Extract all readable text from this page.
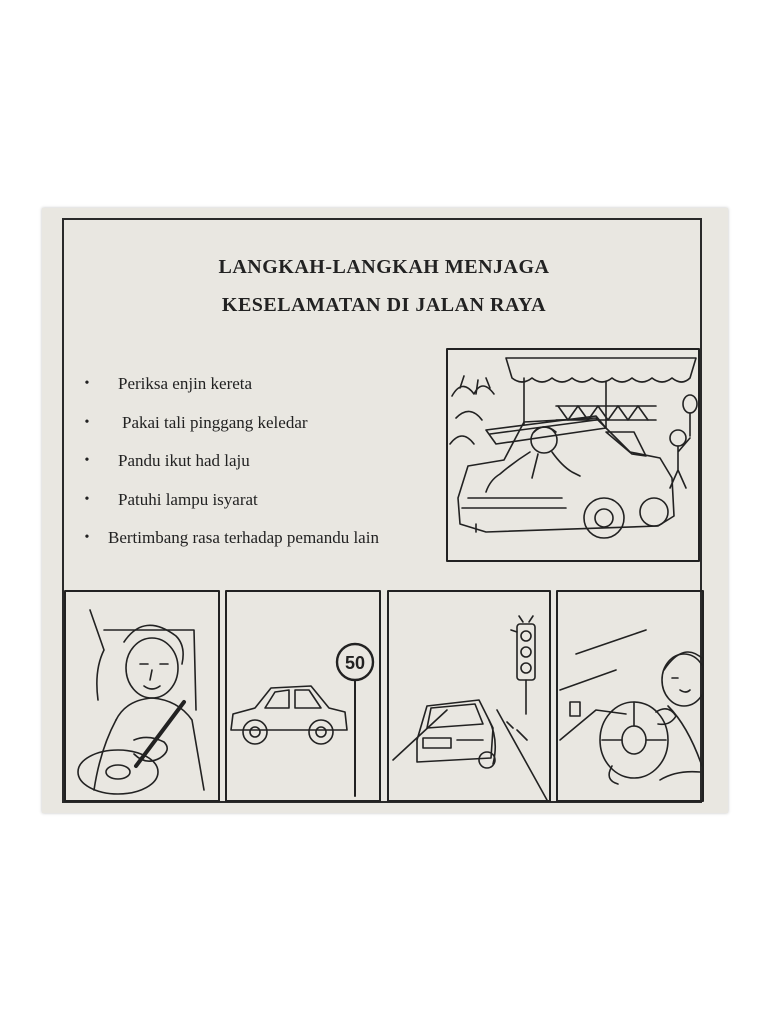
LANGKAH-LANGKAH MENJAGA
KESELAMATAN DI JALAN RAYA
•	Periksa enjin kereta
•	Pakai tali pinggang keledar
•	Pandu ikut had laju
•	Patuhi lampu isyarat
•	Bertimbang rasa terhadap pemandu lain
50
